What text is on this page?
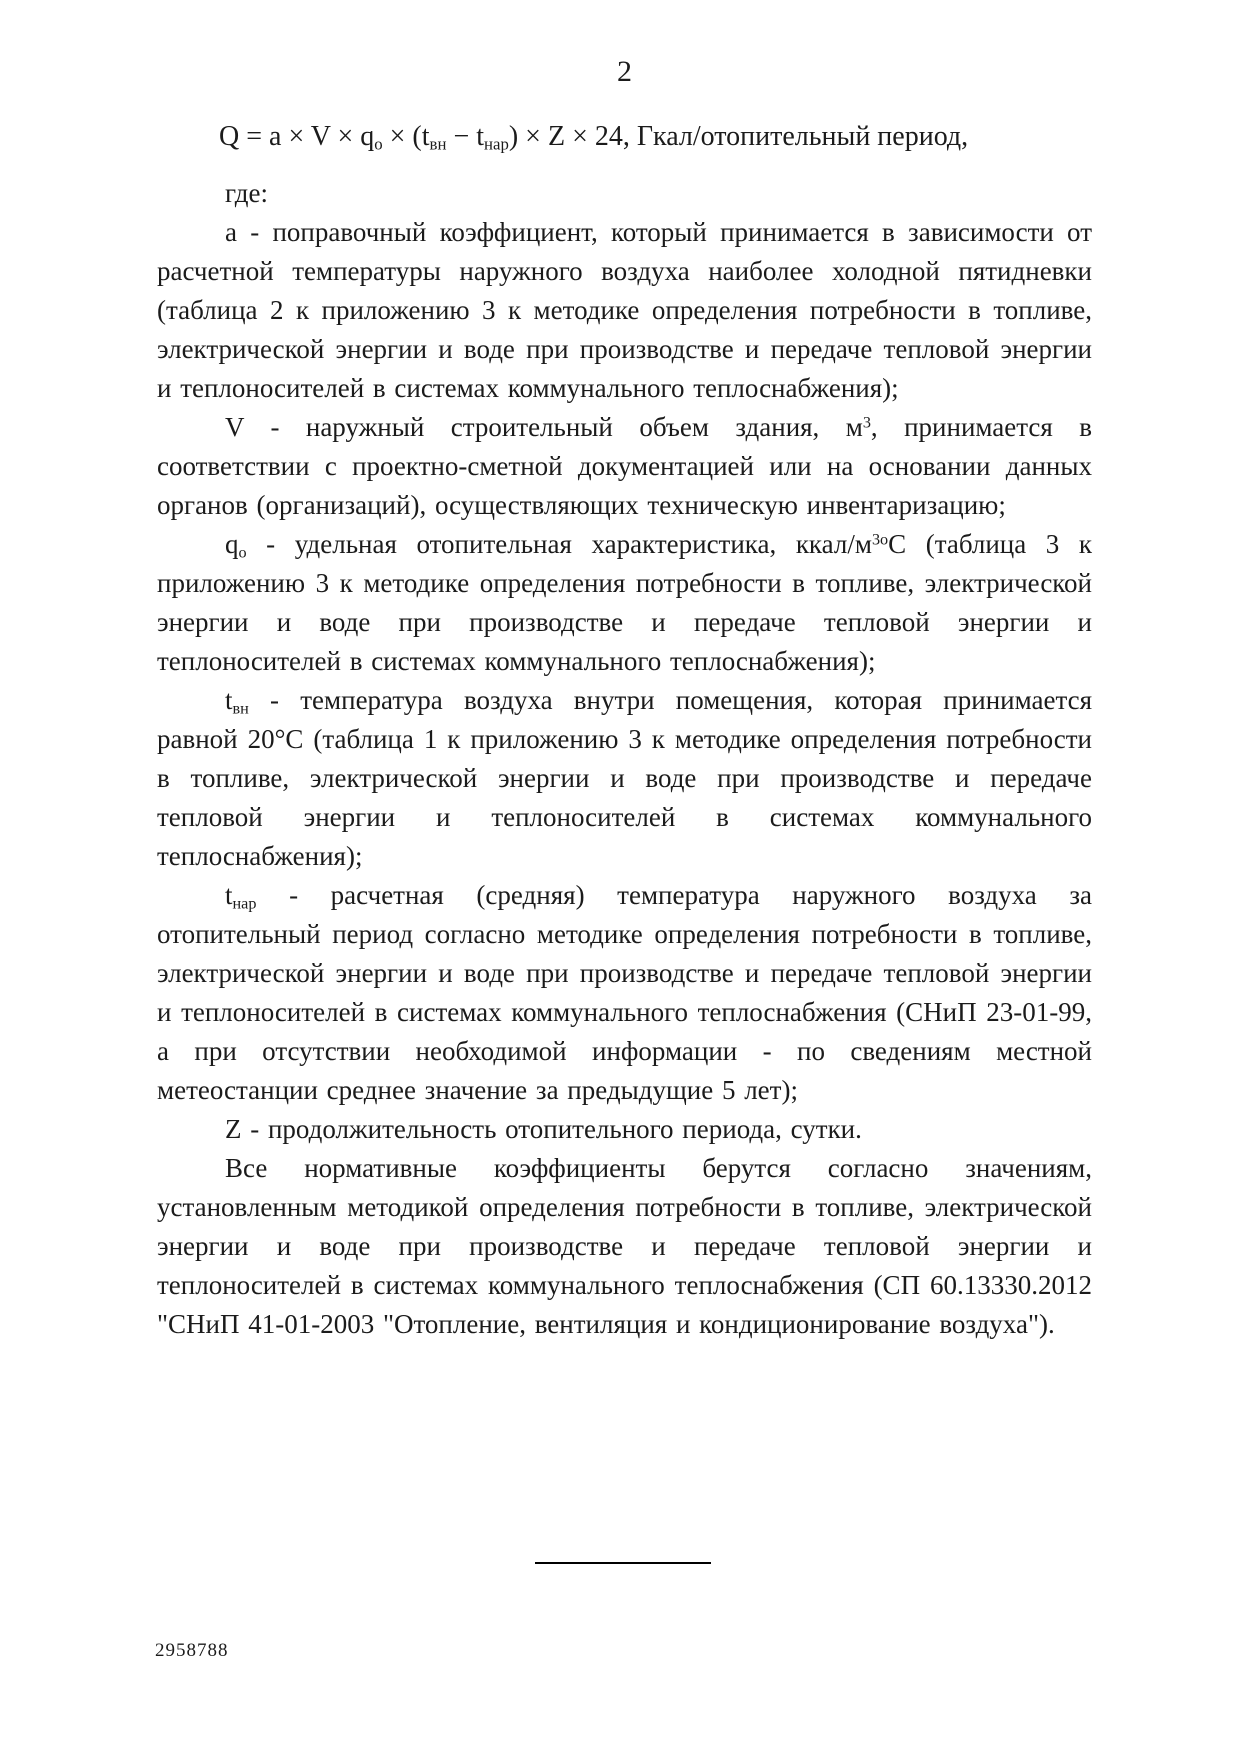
2
$Q = a \times V \times q_о \times (t_{вн} - t_{нар}) \times Z \times 24$, Гкал/отопительный период,

где:

а - поправочный коэффициент, который принимается в зависимости от расчетной температуры наружного воздуха наиболее холодной пятидневки (таблица 2 к приложению 3 к методике определения потребности в топливе, электрической энергии и воде при производстве и передаче тепловой энергии и теплоносителей в системах коммунального теплоснабжения);

V - наружный строительный объем здания, $м^3$, принимается в соответствии с проектно-сметной документацией или на основании данных органов (организаций), осуществляющих техническую инвентаризацию;

$q_о$ - удельная отопительная характеристика, ккал/$м^{3о}С$ (таблица 3 к приложению 3 к методике определения потребности в топливе, электрической энергии и воде при производстве и передаче тепловой энергии и теплоносителей в системах коммунального теплоснабжения);

$t_{вн}$ - температура воздуха внутри помещения, которая принимается равной 20°С (таблица 1 к приложению 3 к методике определения потребности в топливе, электрической энергии и воде при производстве и передаче тепловой энергии и теплоносителей в системах коммунального теплоснабжения);

$t_{нар}$ - расчетная (средняя) температура наружного воздуха за отопительный период согласно методике определения потребности в топливе, электрической энергии и воде при производстве и передаче тепловой энергии и теплоносителей в системах коммунального теплоснабжения (СНиП 23-01-99, а при отсутствии необходимой информации - по сведениям местной метеостанции среднее значение за предыдущие 5 лет);

Z - продолжительность отопительного периода, сутки.

Все нормативные коэффициенты берутся согласно значениям, установленным методикой определения потребности в топливе, электрической энергии и воде при производстве и передаче тепловой энергии и теплоносителей в системах коммунального теплоснабжения (СП 60.13330.2012 "СНиП 41-01-2003 "Отопление, вентиляция и кондиционирование воздуха").

2958788
